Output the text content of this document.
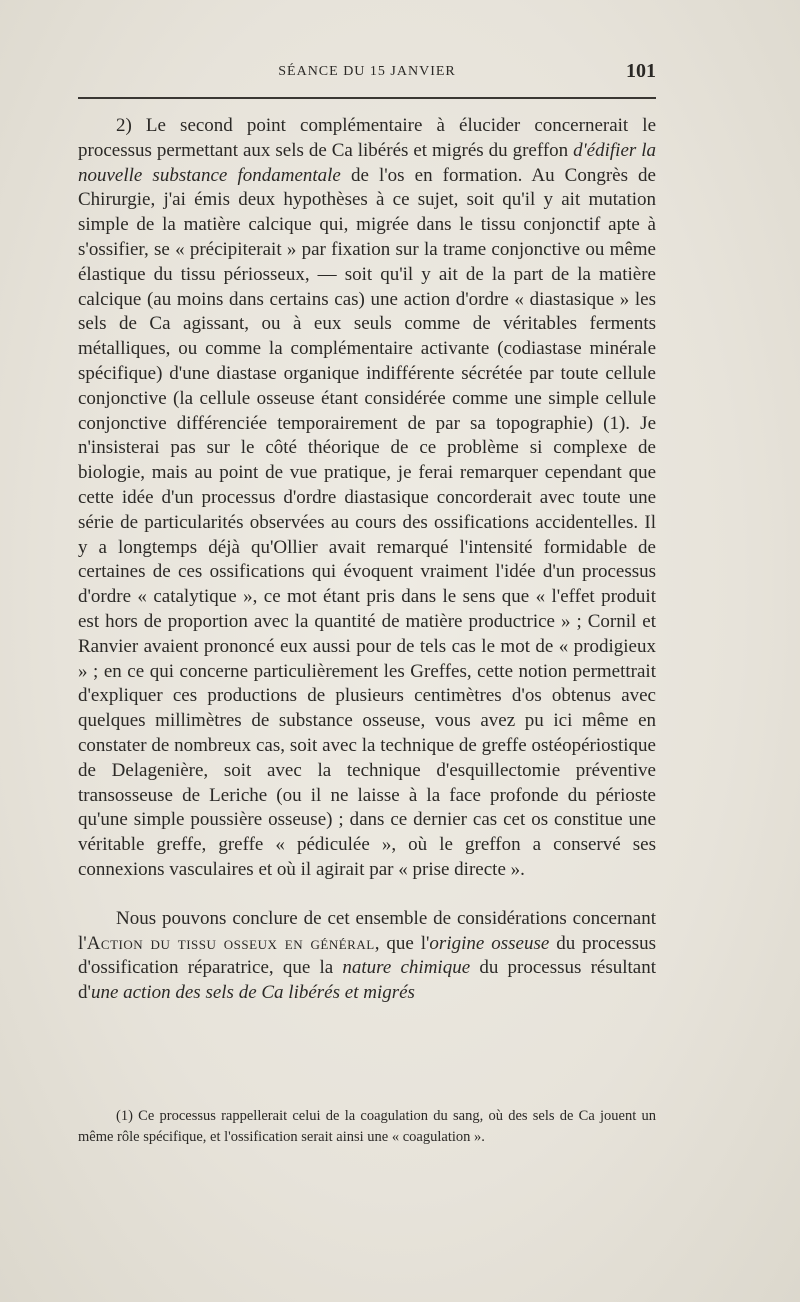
SÉANCE DU 15 JANVIER	101

2) Le second point complémentaire à élucider concernerait le processus permettant aux sels de Ca libérés et migrés du greffon d'édifier la nouvelle substance fondamentale de l'os en formation. Au Congrès de Chirurgie, j'ai émis deux hypothèses à ce sujet, soit qu'il y ait mutation simple de la matière calcique qui, migrée dans le tissu conjonctif apte à s'ossifier, se « précipiterait » par fixation sur la trame conjonctive ou même élastique du tissu périosseux, — soit qu'il y ait de la part de la matière calcique (au moins dans certains cas) une action d'ordre « diastasique » les sels de Ca agissant, ou à eux seuls comme de véritables ferments métalliques, ou comme la complémentaire activante (codiastase minérale spécifique) d'une diastase organique indifférente sécrétée par toute cellule conjonctive (la cellule osseuse étant considérée comme une simple cellule conjonctive différenciée temporairement de par sa topographie) (1). Je n'insisterai pas sur le côté théorique de ce problème si complexe de biologie, mais au point de vue pratique, je ferai remarquer cependant que cette idée d'un processus d'ordre diastasique concorderait avec toute une série de particularités observées au cours des ossifications accidentelles. Il y a longtemps déjà qu'Ollier avait remarqué l'intensité formidable de certaines de ces ossifications qui évoquent vraiment l'idée d'un processus d'ordre « catalytique », ce mot étant pris dans le sens que « l'effet produit est hors de proportion avec la quantité de matière productrice » ; Cornil et Ranvier avaient prononcé eux aussi pour de tels cas le mot de « prodigieux » ; en ce qui concerne particulièrement les Greffes, cette notion permettrait d'expliquer ces productions de plusieurs centimètres d'os obtenus avec quelques millimètres de substance osseuse, vous avez pu ici même en constater de nombreux cas, soit avec la technique de greffe ostéopériostique de Delagenière, soit avec la technique d'esquillectomie préventive transosseuse de Leriche (ou il ne laisse à la face profonde du périoste qu'une simple poussière osseuse) ; dans ce dernier cas cet os constitue une véritable greffe, greffe « pédiculée », où le greffon a conservé ses connexions vasculaires et où il agirait par « prise directe ».

Nous pouvons conclure de cet ensemble de considérations concernant l'Action du tissu osseux en général, que l'origine osseuse du processus d'ossification réparatrice, que la nature chimique du processus résultant d'une action des sels de Ca libérés et migrés

(1) Ce processus rappellerait celui de la coagulation du sang, où des sels de Ca jouent un même rôle spécifique, et l'ossification serait ainsi une « coagulation ».
